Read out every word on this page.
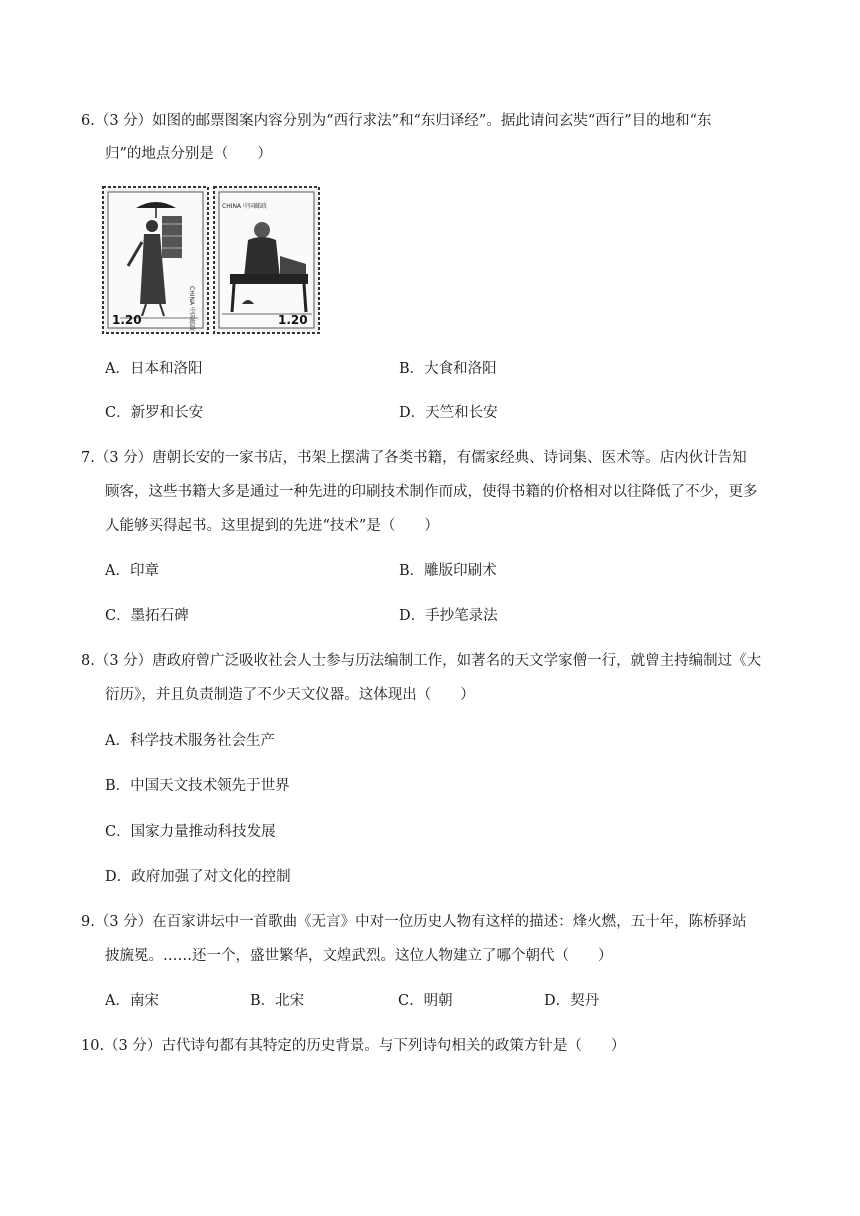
6.（3 分）如图的邮票图案内容分别为“西行求法”和“东归译经”。据此请问玄奘“西行”目的地和“东
归”的地点分别是（　　）
1.20	CHINA 中国邮政
CHINA 中国邮政
1.20
A．日本和洛阳	B．大食和洛阳
C．新罗和长安	D．天竺和长安
7.（3 分）唐朝长安的一家书店，书架上摆满了各类书籍，有儒家经典、诗词集、医术等。店内伙计告知
顾客，这些书籍大多是通过一种先进的印刷技术制作而成，使得书籍的价格相对以往降低了不少，更多
人能够买得起书。这里提到的先进“技术”是（　　）
A．印章	B．雕版印刷术
C．墨拓石碑	D．手抄笔录法
8.（3 分）唐政府曾广泛吸收社会人士参与历法编制工作，如著名的天文学家僧一行，就曾主持编制过《大
衍历》，并且负责制造了不少天文仪器。这体现出（　　）
A．科学技术服务社会生产
B．中国天文技术领先于世界
C．国家力量推动科技发展
D．政府加强了对文化的控制
9.（3 分）在百家讲坛中一首歌曲《无言》中对一位历史人物有这样的描述：烽火燃，五十年，陈桥驿站
披旒冕。……还一个，盛世繁华，文煌武烈。这位人物建立了哪个朝代（　　）
A．南宋	B．北宋	C．明朝	D．契丹
10.（3 分）古代诗句都有其特定的历史背景。与下列诗句相关的政策方针是（　　）
